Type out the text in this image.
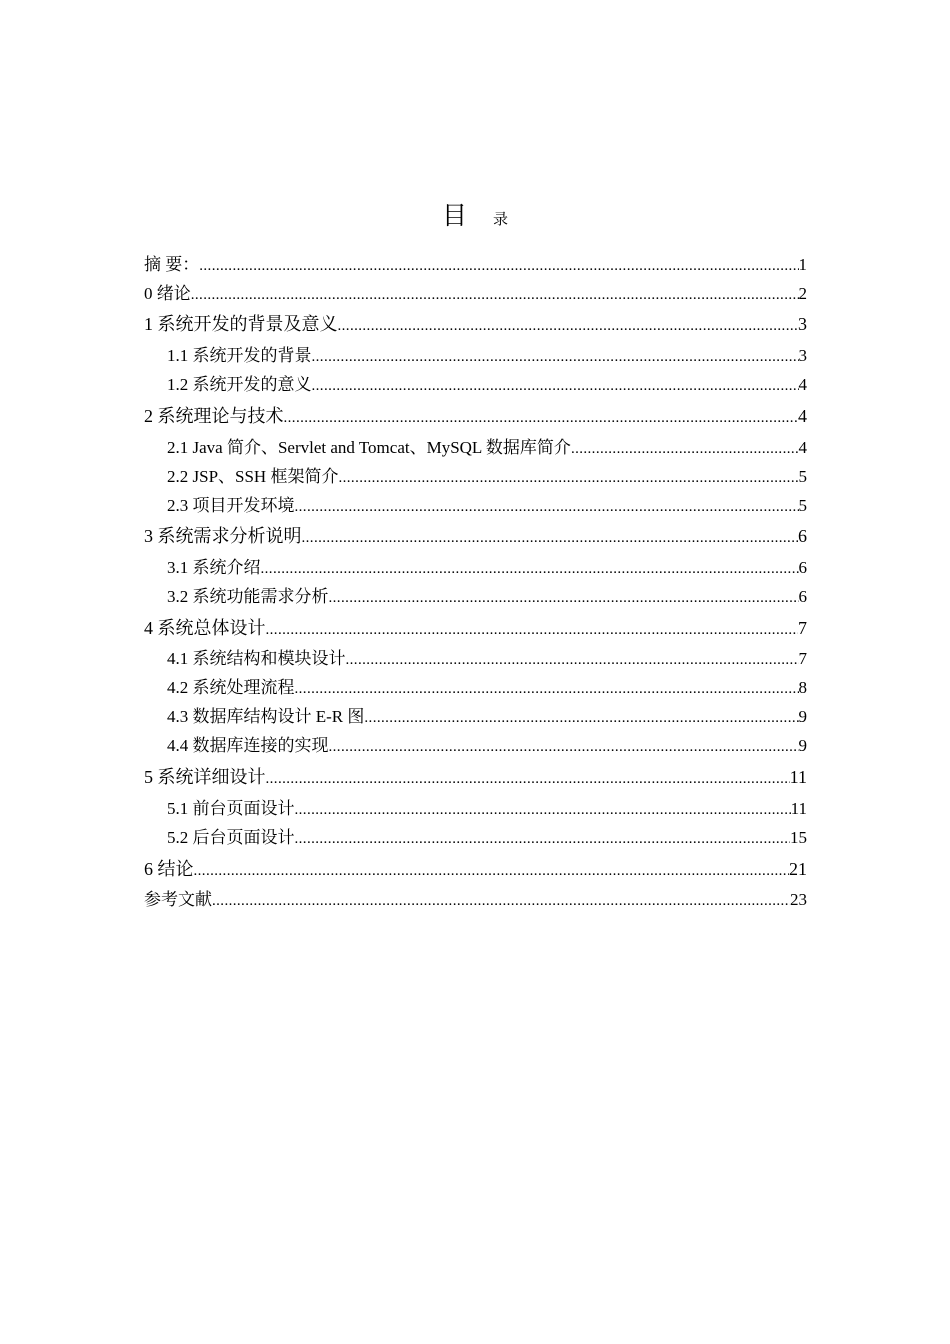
目 录
摘 要： .....	1
0 绪论 .....	2
1 系统开发的背景及意义 .....	3
1.1 系统开发的背景 .....	3
1.2 系统开发的意义 .....	4
2 系统理论与技术 .....	4
2.1 Java 简介、Servlet and Tomcat、MySQL 数据库简介 .....	4
2.2 JSP、SSH 框架简介 .....	5
2.3 项目开发环境 .....	5
3 系统需求分析说明 .....	6
3.1 系统介绍 .....	6
3.2 系统功能需求分析 .....	6
4 系统总体设计 .....	7
4.1 系统结构和模块设计 .....	7
4.2 系统处理流程 .....	8
4.3 数据库结构设计 E-R 图 .....	9
4.4 数据库连接的实现 .....	9
5 系统详细设计 .....	11
5.1 前台页面设计 .....	11
5.2 后台页面设计 .....	15
6 结论 .....	21
参考文献 .....	23
